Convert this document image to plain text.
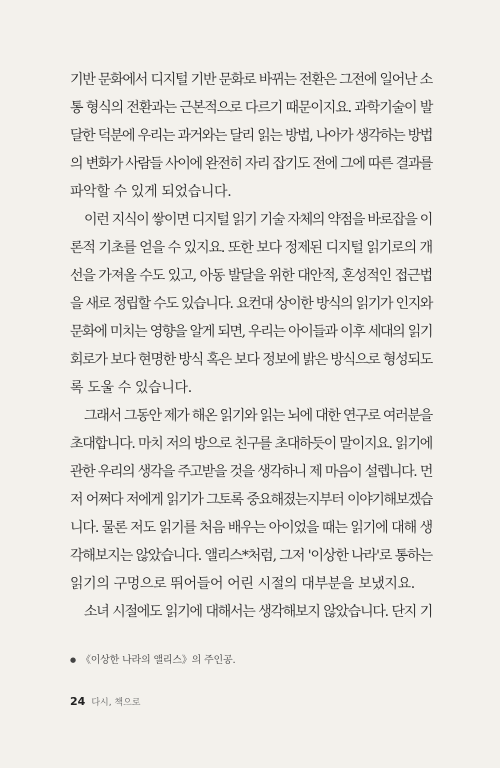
기반 문화에서 디지털 기반 문화로 바뀌는 전환은 그전에 일어난 소
통 형식의 전환과는 근본적으로 다르기 때문이지요. 과학기술이 발
달한 덕분에 우리는 과거와는 달리 읽는 방법, 나아가 생각하는 방법
의 변화가 사람들 사이에 완전히 자리 잡기도 전에 그에 따른 결과를
파악할 수 있게 되었습니다.
이런 지식이 쌓이면 디지털 읽기 기술 자체의 약점을 바로잡을 이
론적 기초를 얻을 수 있지요. 또한 보다 정제된 디지털 읽기로의 개
선을 가져올 수도 있고, 아동 발달을 위한 대안적, 혼성적인 접근법
을 새로 정립할 수도 있습니다. 요컨대 상이한 방식의 읽기가 인지와
문화에 미치는 영향을 알게 되면, 우리는 아이들과 이후 세대의 읽기
회로가 보다 현명한 방식 혹은 보다 정보에 밝은 방식으로 형성되도
록 도울 수 있습니다.
그래서 그동안 제가 해온 읽기와 읽는 뇌에 대한 연구로 여러분을
초대합니다. 마치 저의 방으로 친구를 초대하듯이 말이지요. 읽기에
관한 우리의 생각을 주고받을 것을 생각하니 제 마음이 설렙니다. 먼
저 어쩌다 저에게 읽기가 그토록 중요해졌는지부터 이야기해보겠습
니다. 물론 저도 읽기를 처음 배우는 아이었을 때는 읽기에 대해 생
각해보지는 않았습니다. 앨리스*처럼, 그저 '이상한 나라'로 통하는
읽기의 구멍으로 뛰어들어 어린 시절의 대부분을 보냈지요.
소녀 시절에도 읽기에 대해서는 생각해보지 않았습니다. 단지 기
● 《이상한 나라의 앨리스》의 주인공.
24 다시, 책으로
